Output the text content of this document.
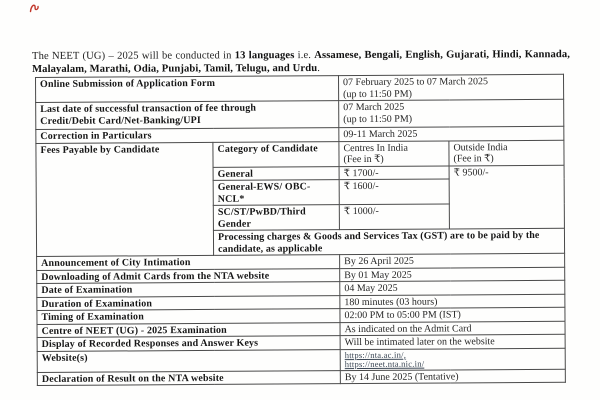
The NEET (UG) – 2025 will be conducted in 13 languages i.e. Assamese, Bengali, English, Gujarati, Hindi, Kannada, Malayalam, Marathi, Odia, Punjabi, Tamil, Telugu, and Urdu.

Online Submission of Application Form		07 February 2025 to 07 March 2025
(up to 11:50 PM)	
Last date of successful transaction of fee through
Credit/Debit Card/Net-Banking/UPI		07 March 2025
(up to 11:50 PM)	
Correction in Particulars		09-11 March 2025	
Fees Payable by Candidate	Category of Candidate	Centres In India
(Fee in ₹)	Outside India
(Fee in ₹)
	General	₹ 1700/-	₹ 9500/-
	General-EWS/ OBC-NCL*	₹ 1600/-	
	SC/ST/PwBD/Third
Gender	₹ 1000/-	
	Processing charges & Goods and Services Tax (GST) are to be paid by the candidate, as applicable		
Announcement of City Intimation		By 26 April 2025	
Downloading of Admit Cards from the NTA website		By 01 May 2025	
Date of Examination		04 May 2025	
Duration of Examination		180 minutes (03 hours)	
Timing of Examination		02:00 PM to 05:00 PM (IST)	
Centre of NEET (UG) - 2025 Examination		As indicated on the Admit Card	
Display of Recorded Responses and Answer Keys		Will be intimated later on the website	
Website(s)		https://nta.ac.in/,
https://neet.nta.nic.in/	

Declaration of Result on the NTA website		By 14 June 2025 (Tentative)	
